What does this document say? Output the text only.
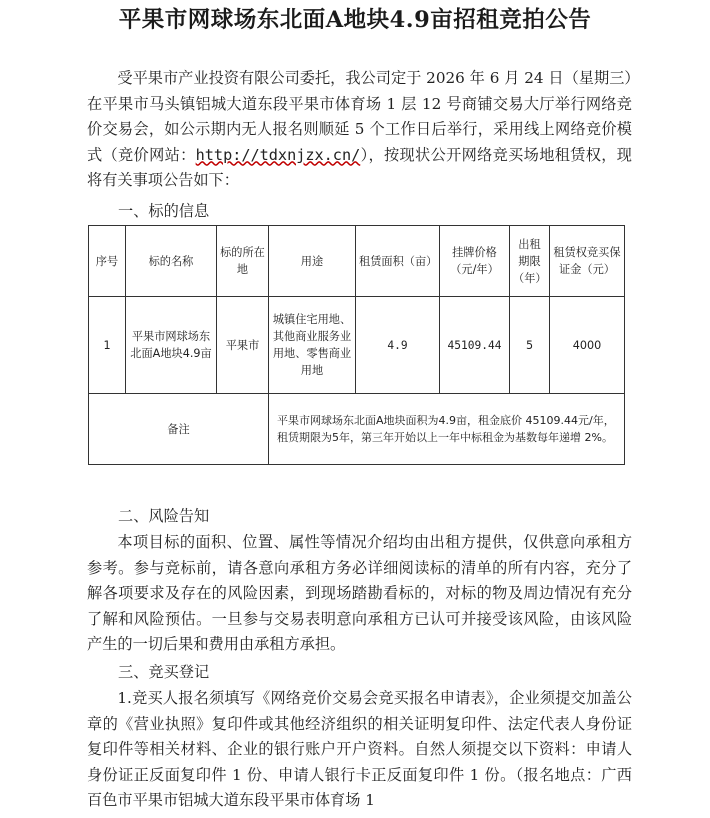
平果市网球场东北面A地块4.9亩招租竞拍公告

受平果市产业投资有限公司委托，我公司定于 2026 年 6 月 24 日（星期三）在平果市马头镇铝城大道东段平果市体育场 1 层 12 号商铺交易大厅举行网络竞价交易会，如公示期内无人报名则顺延 5 个工作日后举行，采用线上网络竞价模式（竞价网站：http://tdxnjzx.cn/），按现状公开网络竞买场地租赁权，现将有关事项公告如下：

一、标的信息

序号	标的名称	标的所在地	用途	租赁面积（亩）	挂牌价格（元/年）	出租期限（年）	租赁权竞买保证金（元）
1	平果市网球场东北面A地块4.9亩	平果市	城镇住宅用地、其他商业服务业用地、零售商业用地	4.9	45109.44	5	4000
备注			平果市网球场东北面A地块面积为4.9亩，租金底价 45109.44元/年，租赁期限为5年，第三年开始以上一年中标租金为基数每年递增 2%。				

二、风险告知

本项目标的面积、位置、属性等情况介绍均由出租方提供，仅供意向承租方参考。参与竞标前，请各意向承租方务必详细阅读标的清单的所有内容，充分了解各项要求及存在的风险因素，到现场踏勘看标的，对标的物及周边情况有充分了解和风险预估。一旦参与交易表明意向承租方已认可并接受该风险，由该风险产生的一切后果和费用由承租方承担。

三、竞买登记

1.竞买人报名须填写《网络竞价交易会竞买报名申请表》，企业须提交加盖公章的《营业执照》复印件或其他经济组织的相关证明复印件、法定代表人身份证复印件等相关材料、企业的银行账户开户资料。自然人须提交以下资料：申请人身份证正反面复印件 1 份、申请人银行卡正反面复印件 1 份。（报名地点：广西百色市平果市铝城大道东段平果市体育场 1
